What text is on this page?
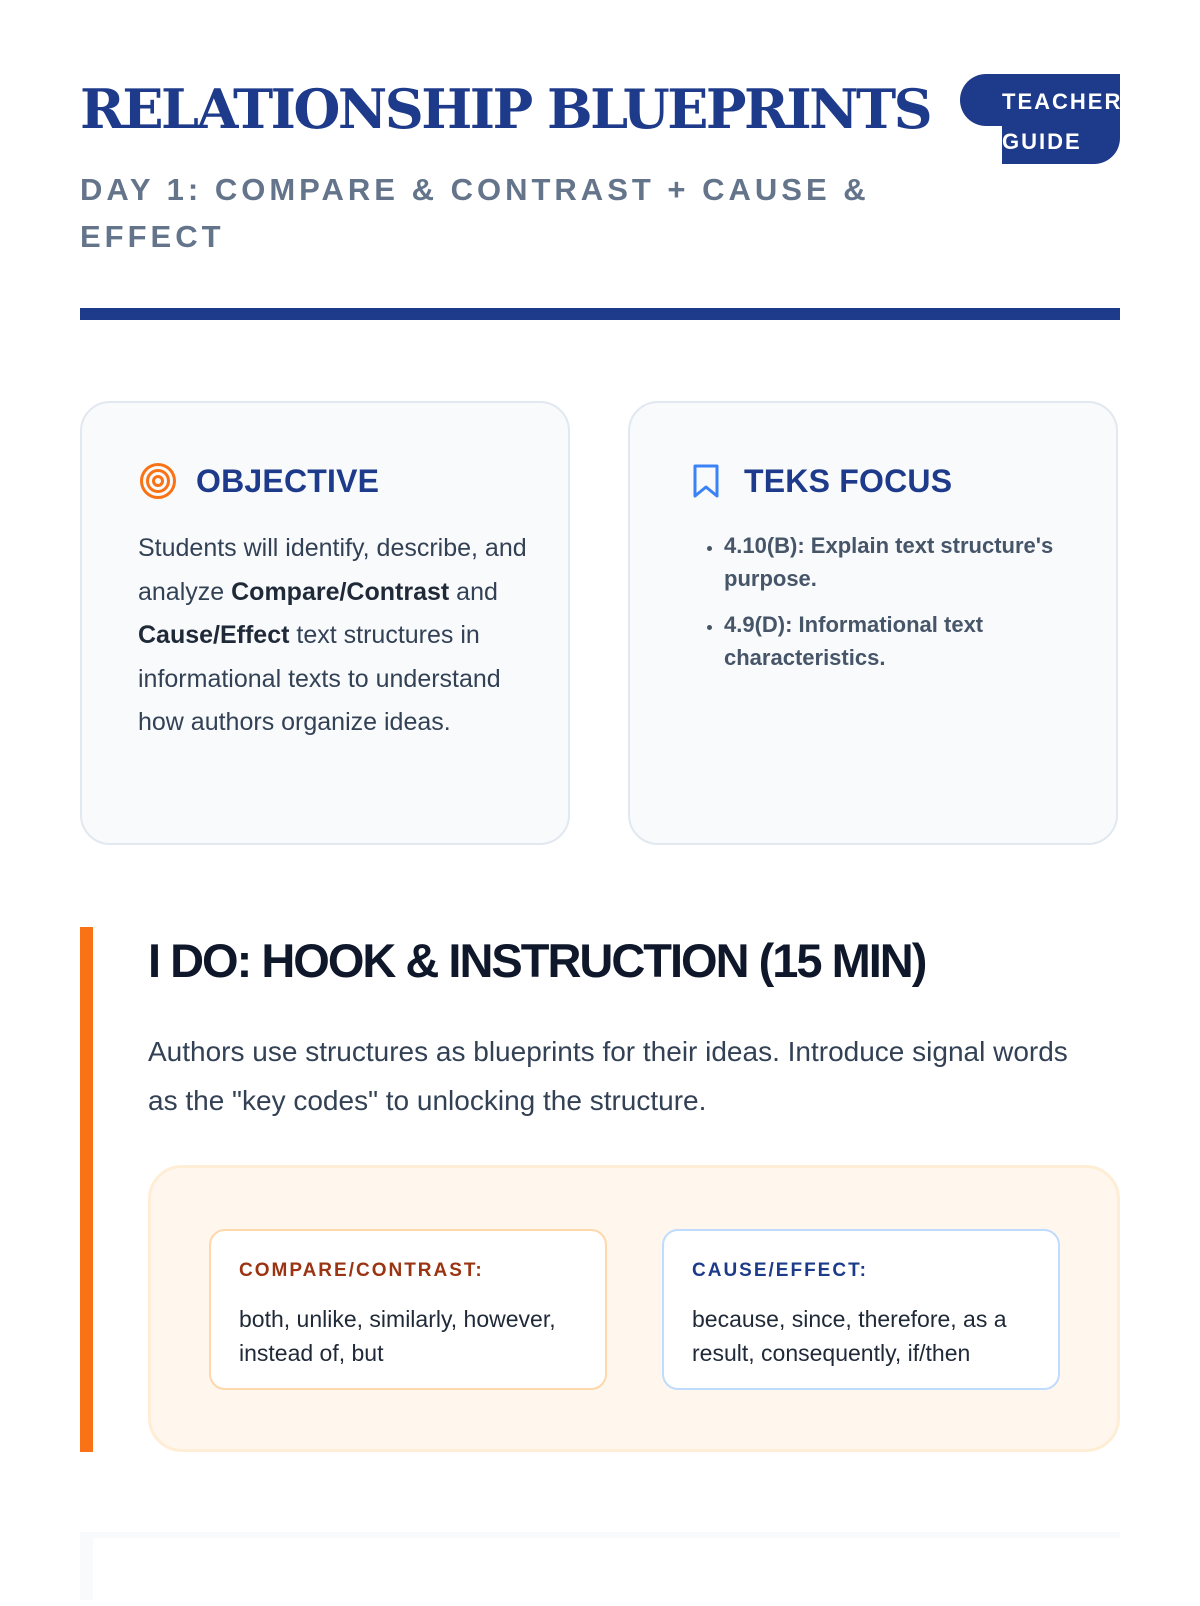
RELATIONSHIP BLUEPRINTS
DAY 1: COMPARE & CONTRAST + CAUSE & EFFECT
TEACHER GUIDE
OBJECTIVE
Students will identify, describe, and analyze Compare/Contrast and Cause/Effect text structures in informational texts to understand how authors organize ideas.
TEKS FOCUS
• 4.10(B): Explain text structure's purpose.
• 4.9(D): Informational text characteristics.
I DO: HOOK & INSTRUCTION (15 MIN)

Authors use structures as blueprints for their ideas. Introduce signal words as the "key codes" to unlocking the structure.

COMPARE/CONTRAST:
both, unlike, similarly, however, instead of, but
CAUSE/EFFECT:
because, since, therefore, as a result, consequently, if/then
